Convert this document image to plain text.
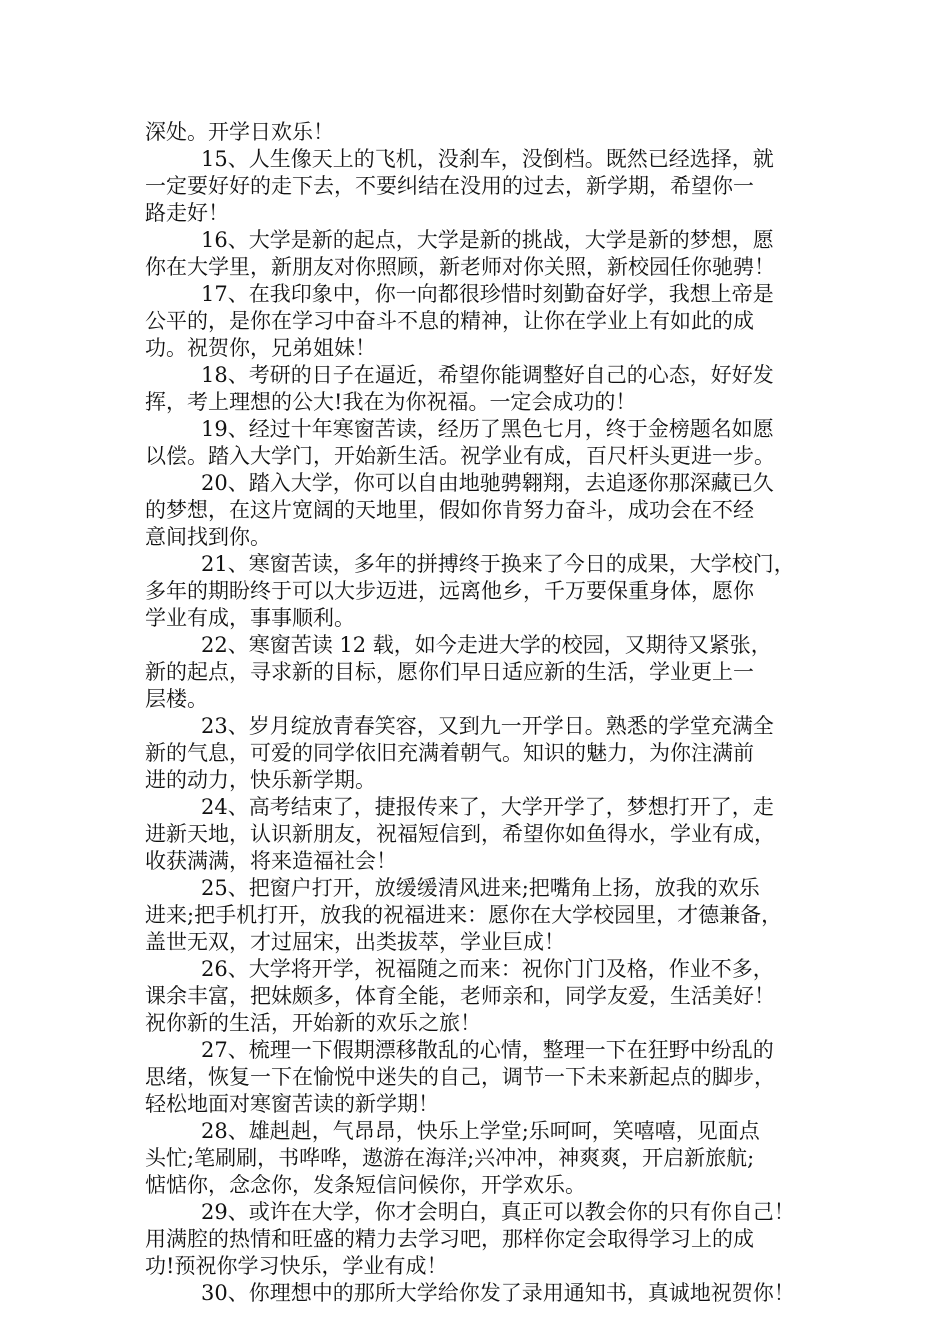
深处。开学日欢乐！
15、人生像天上的飞机，没刹车，没倒档。既然已经选择，就
一定要好好的走下去，不要纠结在没用的过去，新学期，希望你一
路走好！
16、大学是新的起点，大学是新的挑战，大学是新的梦想，愿
你在大学里，新朋友对你照顾，新老师对你关照，新校园任你驰骋！
17、在我印象中，你一向都很珍惜时刻勤奋好学，我想上帝是
公平的，是你在学习中奋斗不息的精神，让你在学业上有如此的成
功。祝贺你，兄弟姐妹！
18、考研的日子在逼近，希望你能调整好自己的心态，好好发
挥，考上理想的公大!我在为你祝福。一定会成功的！
19、经过十年寒窗苦读，经历了黑色七月，终于金榜题名如愿
以偿。踏入大学门，开始新生活。祝学业有成，百尺杆头更进一步。
20、踏入大学，你可以自由地驰骋翱翔，去追逐你那深藏已久
的梦想，在这片宽阔的天地里，假如你肯努力奋斗，成功会在不经
意间找到你。
21、寒窗苦读，多年的拼搏终于换来了今日的成果，大学校门，
多年的期盼终于可以大步迈进，远离他乡，千万要保重身体，愿你
学业有成，事事顺利。
22、寒窗苦读 12 载，如今走进大学的校园，又期待又紧张，
新的起点，寻求新的目标，愿你们早日适应新的生活，学业更上一
层楼。
23、岁月绽放青春笑容，又到九一开学日。熟悉的学堂充满全
新的气息，可爱的同学依旧充满着朝气。知识的魅力，为你注满前
进的动力，快乐新学期。
24、高考结束了，捷报传来了，大学开学了，梦想打开了，走
进新天地，认识新朋友，祝福短信到，希望你如鱼得水，学业有成，
收获满满，将来造福社会！
25、把窗户打开，放缓缓清风进来;把嘴角上扬，放我的欢乐
进来;把手机打开，放我的祝福进来：愿你在大学校园里，才德兼备，
盖世无双，才过屈宋，出类拔萃，学业巨成！
26、大学将开学，祝福随之而来：祝你门门及格，作业不多，
课余丰富，把妹颇多，体育全能，老师亲和，同学友爱，生活美好！
祝你新的生活，开始新的欢乐之旅！
27、梳理一下假期漂移散乱的心情，整理一下在狂野中纷乱的
思绪，恢复一下在愉悦中迷失的自己，调节一下未来新起点的脚步，
轻松地面对寒窗苦读的新学期！
28、雄赳赳，气昂昂，快乐上学堂;乐呵呵，笑嘻嘻，见面点
头忙;笔刷刷，书哗哗，遨游在海洋;兴冲冲，神爽爽，开启新旅航;
惦惦你，念念你，发条短信问候你，开学欢乐。
29、或许在大学，你才会明白，真正可以教会你的只有你自己！
用满腔的热情和旺盛的精力去学习吧，那样你定会取得学习上的成
功!预祝你学习快乐，学业有成！
30、你理想中的那所大学给你发了录用通知书，真诚地祝贺你！
